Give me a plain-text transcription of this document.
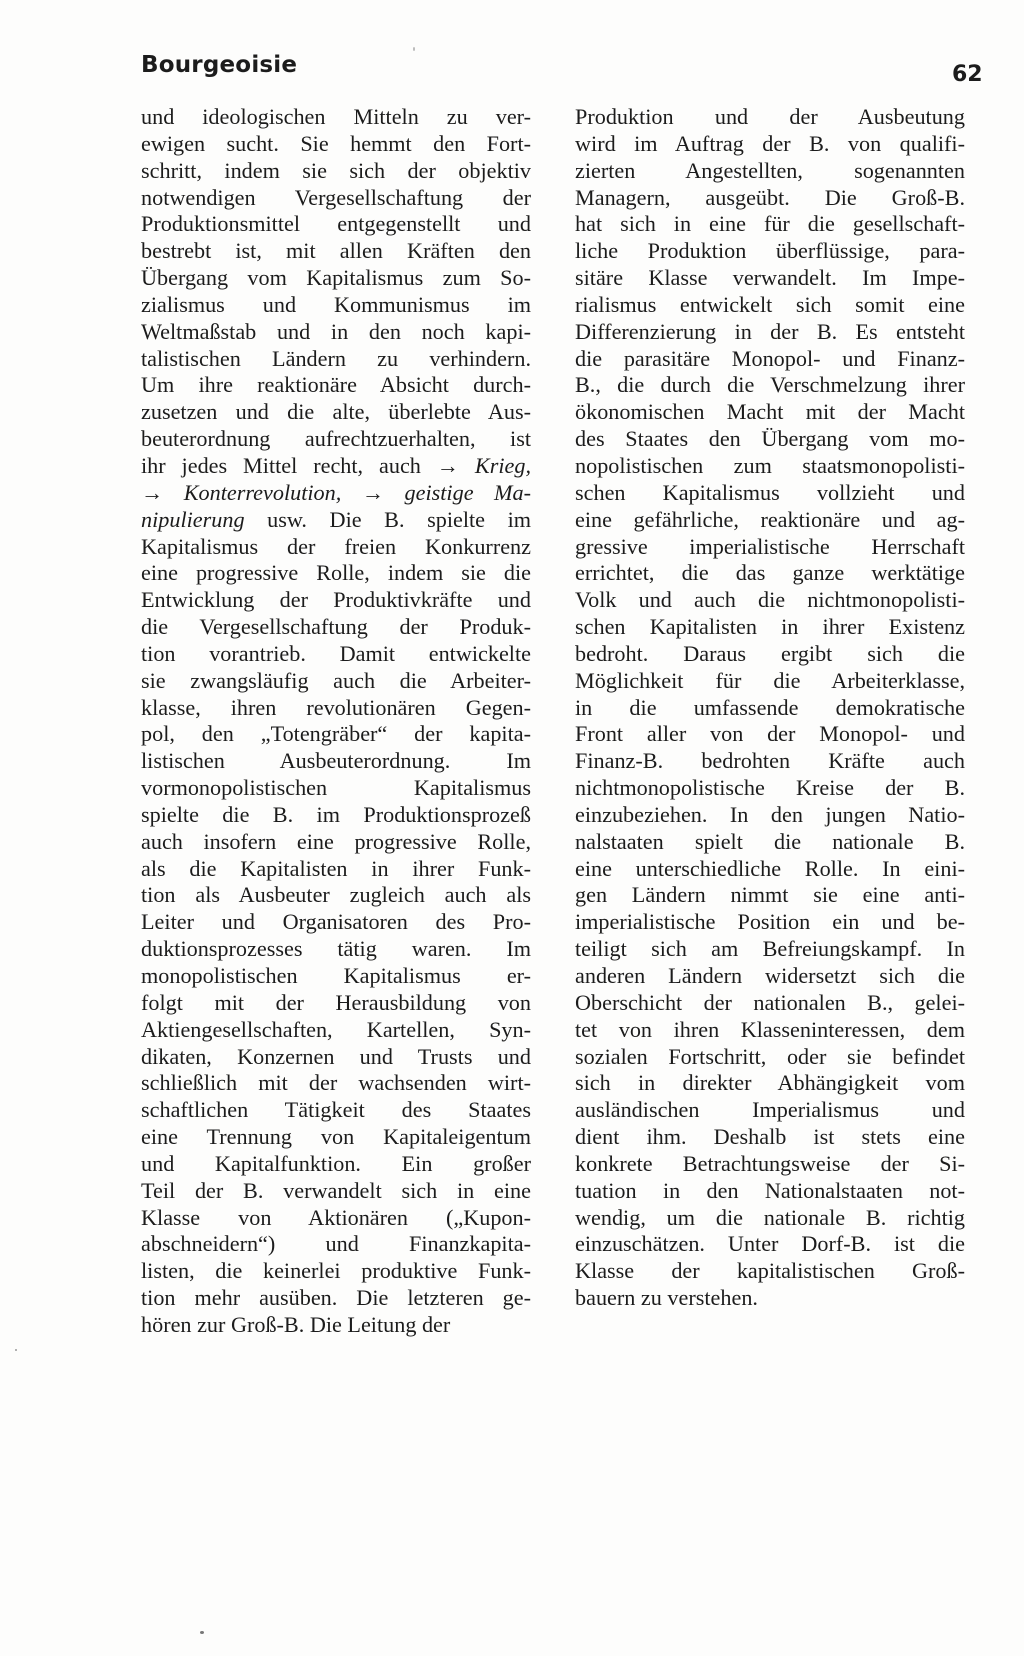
Bourgeoisie	62
und ideologischen Mitteln zu ver-
ewigen sucht. Sie hemmt den Fort-
schritt, indem sie sich der objektiv
notwendigen Vergesellschaftung der
Produktionsmittel entgegenstellt und
bestrebt ist, mit allen Kräften den
Übergang vom Kapitalismus zum So-
zialismus und Kommunismus im
Weltmaßstab und in den noch kapi-
talistischen Ländern zu verhindern.
Um ihre reaktionäre Absicht durch-
zusetzen und die alte, überlebte Aus-
beuterordnung aufrechtzuerhalten, ist
ihr jedes Mittel recht, auch → Krieg,
→ Konterrevolution, → geistige Ma-
nipulierung usw. Die B. spielte im
Kapitalismus der freien Konkurrenz
eine progressive Rolle, indem sie die
Entwicklung der Produktivkräfte und
die Vergesellschaftung der Produk-
tion vorantrieb. Damit entwickelte
sie zwangsläufig auch die Arbeiter-
klasse, ihren revolutionären Gegen-
pol, den „Totengräber“ der kapita-
listischen Ausbeuterordnung. Im
vormonopolistischen Kapitalismus
spielte die B. im Produktionsprozeß
auch insofern eine progressive Rolle,
als die Kapitalisten in ihrer Funk-
tion als Ausbeuter zugleich auch als
Leiter und Organisatoren des Pro-
duktionsprozesses tätig waren. Im
monopolistischen Kapitalismus er-
folgt mit der Herausbildung von
Aktiengesellschaften, Kartellen, Syn-
dikaten, Konzernen und Trusts und
schließlich mit der wachsenden wirt-
schaftlichen Tätigkeit des Staates
eine Trennung von Kapitaleigentum
und Kapitalfunktion. Ein großer
Teil der B. verwandelt sich in eine
Klasse von Aktionären („Kupon-
abschneidern“) und Finanzkapita-
listen, die keinerlei produktive Funk-
tion mehr ausüben. Die letzteren ge-
hören zur Groß-B. Die Leitung der
Produktion und der Ausbeutung
wird im Auftrag der B. von qualifi-
zierten Angestellten, sogenannten
Managern, ausgeübt. Die Groß-B.
hat sich in eine für die gesellschaft-
liche Produktion überflüssige, para-
sitäre Klasse verwandelt. Im Impe-
rialismus entwickelt sich somit eine
Differenzierung in der B. Es entsteht
die parasitäre Monopol- und Finanz-
B., die durch die Verschmelzung ihrer
ökonomischen Macht mit der Macht
des Staates den Übergang vom mo-
nopolistischen zum staatsmonopolisti-
schen Kapitalismus vollzieht und
eine gefährliche, reaktionäre und ag-
gressive imperialistische Herrschaft
errichtet, die das ganze werktätige
Volk und auch die nichtmonopolisti-
schen Kapitalisten in ihrer Existenz
bedroht. Daraus ergibt sich die
Möglichkeit für die Arbeiterklasse,
in die umfassende demokratische
Front aller von der Monopol- und
Finanz-B. bedrohten Kräfte auch
nichtmonopolistische Kreise der B.
einzubeziehen. In den jungen Natio-
nalstaaten spielt die nationale B.
eine unterschiedliche Rolle. In eini-
gen Ländern nimmt sie eine anti-
imperialistische Position ein und be-
teiligt sich am Befreiungskampf. In
anderen Ländern widersetzt sich die
Oberschicht der nationalen B., gelei-
tet von ihren Klasseninteressen, dem
sozialen Fortschritt, oder sie befindet
sich in direkter Abhängigkeit vom
ausländischen Imperialismus und
dient ihm. Deshalb ist stets eine
konkrete Betrachtungsweise der Si-
tuation in den Nationalstaaten not-
wendig, um die nationale B. richtig
einzuschätzen. Unter Dorf-B. ist die
Klasse der kapitalistischen Groß-
bauern zu verstehen.
